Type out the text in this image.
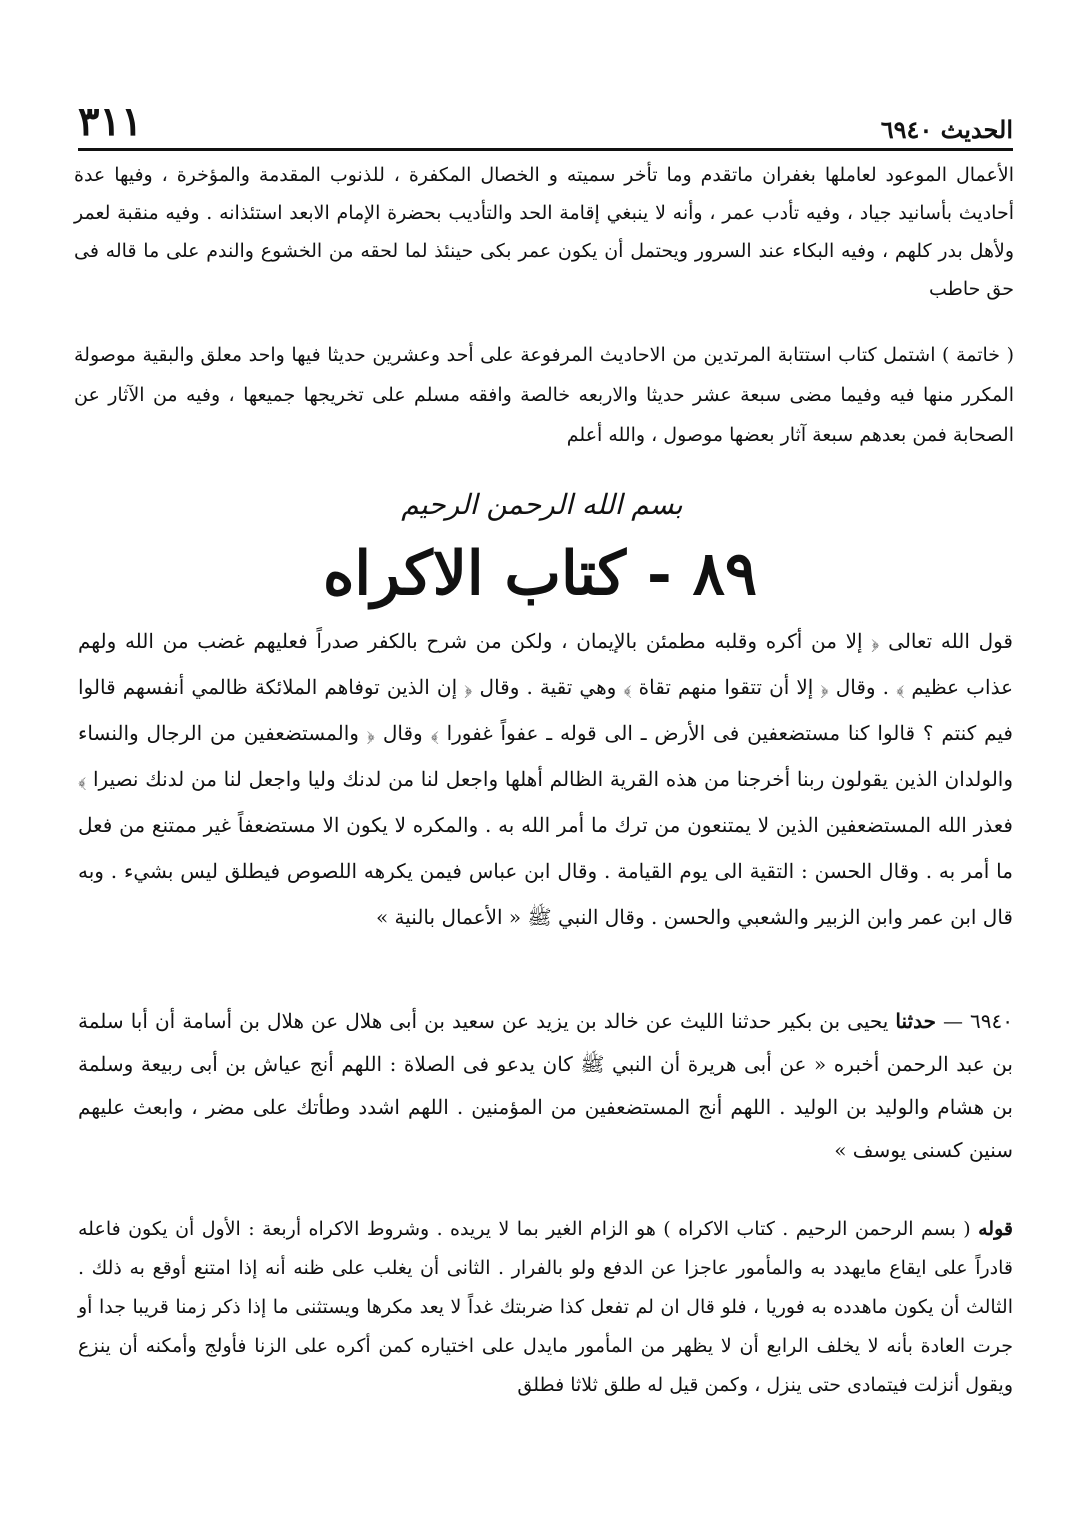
٣١١	الحديث ٦٩٤٠

الأعمال الموعود لعاملها بغفران ماتقدم وما تأخر سميته و الخصال المكفرة ، للذنوب المقدمة والمؤخرة ، وفيها عدة أحاديث بأسانيد جياد ، وفيه تأدب عمر ، وأنه لا ينبغي إقامة الحد والتأديب بحضرة الإمام الابعد استئذانه . وفيه منقبة لعمر ولأهل بدر كلهم ، وفيه البكاء عند السرور ويحتمل أن يكون عمر بكى حينئذ لما لحقه من الخشوع والندم على ما قاله فى حق حاطب

( خاتمة ) اشتمل كتاب استتابة المرتدين من الاحاديث المرفوعة على أحد وعشرين حديثا فيها واحد معلق والبقية موصولة المكرر منها فيه وفيما مضى سبعة عشر حديثا والاربعه خالصة وافقه مسلم على تخريجها جميعها ، وفيه من الآثار عن الصحابة فمن بعدهم سبعة آثار بعضها موصول ، والله أعلم

بسم الله الرحمن الرحيم
٨٩ - كتاب الاكراه

قول الله تعالى ﴿ إلا من أكره وقلبه مطمئن بالإيمان ، ولكن من شرح بالكفر صدراً فعليهم غضب من الله ولهم عذاب عظيم ﴾ . وقال ﴿ إلا أن تتقوا منهم تقاة ﴾ وهي تقية . وقال ﴿ إن الذين توفاهم الملائكة ظالمي أنفسهم قالوا فيم كنتم ؟ قالوا كنا مستضعفين فى الأرض ـ الى قوله ـ عفواً غفورا ﴾ وقال ﴿ والمستضعفين من الرجال والنساء والولدان الذين يقولون ربنا أخرجنا من هذه القرية الظالم أهلها واجعل لنا من لدنك وليا واجعل لنا من لدنك نصيرا ﴾ فعذر الله المستضعفين الذين لا يمتنعون من ترك ما أمر الله به . والمكره لا يكون الا مستضعفاً غير ممتنع من فعل ما أمر به . وقال الحسن : التقية الى يوم القيامة . وقال ابن عباس فيمن يكرهه اللصوص فيطلق ليس بشيء . وبه قال ابن عمر وابن الزبير والشعبي والحسن . وقال النبي ﷺ « الأعمال بالنية »

٦٩٤٠ — حدثنا يحيى بن بكير حدثنا الليث عن خالد بن يزيد عن سعيد بن أبى هلال عن هلال بن أسامة أن أبا سلمة بن عبد الرحمن أخبره « عن أبى هريرة أن النبي ﷺ كان يدعو فى الصلاة : اللهم أنج عياش بن أبى ربيعة وسلمة بن هشام والوليد بن الوليد . اللهم أنج المستضعفين من المؤمنين . اللهم اشدد وطأتك على مضر ، وابعث عليهم سنين كسنى يوسف »

قوله ( بسم الرحمن الرحيم . كتاب الاكراه ) هو الزام الغير بما لا يريده . وشروط الاكراه أربعة : الأول أن يكون فاعله قادراً على ايقاع مايهدد به والمأمور عاجزا عن الدفع ولو بالفرار . الثانى أن يغلب على ظنه أنه إذا امتنع أوقع به ذلك . الثالث أن يكون ماهدده به فوريا ، فلو قال ان لم تفعل كذا ضربتك غداً لا يعد مكرها ويستثنى ما إذا ذكر زمنا قريبا جدا أو جرت العادة بأنه لا يخلف الرابع أن لا يظهر من المأمور مايدل على اختياره كمن أكره على الزنا فأولج وأمكنه أن ينزع ويقول أنزلت فيتمادى حتى ينزل ، وكمن قيل له طلق ثلاثا فطلق
